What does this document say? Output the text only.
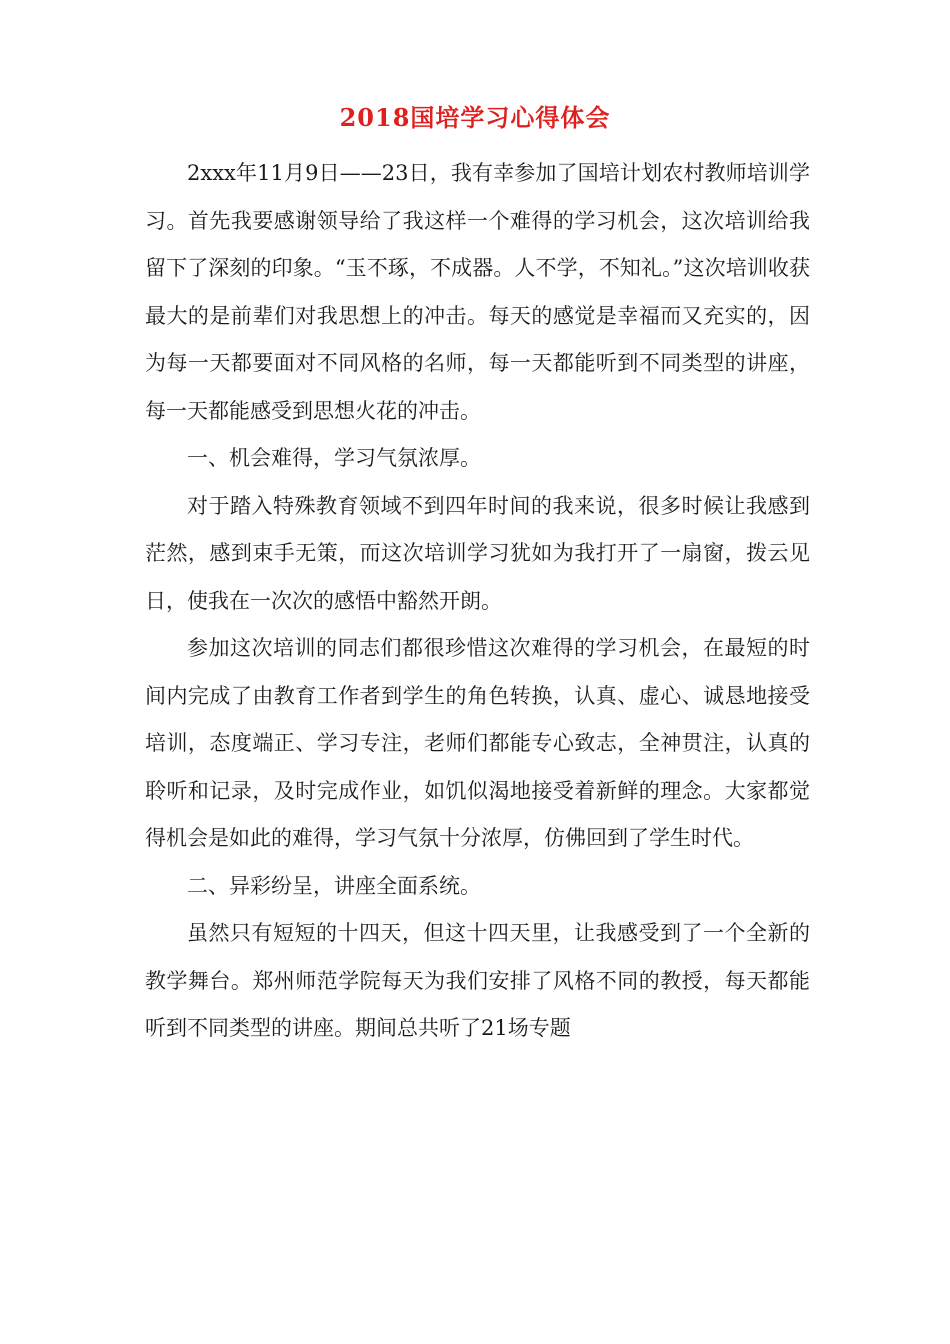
2018国培学习心得体会

2xxx年11月9日——23日，我有幸参加了国培计划农村教师培训学习。首先我要感谢领导给了我这样一个难得的学习机会，这次培训给我留下了深刻的印象。“玉不琢，不成器。人不学，不知礼。”这次培训收获最大的是前辈们对我思想上的冲击。每天的感觉是幸福而又充实的，因为每一天都要面对不同风格的名师，每一天都能听到不同类型的讲座，每一天都能感受到思想火花的冲击。

一、机会难得，学习气氛浓厚。

对于踏入特殊教育领域不到四年时间的我来说，很多时候让我感到茫然，感到束手无策，而这次培训学习犹如为我打开了一扇窗，拨云见日，使我在一次次的感悟中豁然开朗。

参加这次培训的同志们都很珍惜这次难得的学习机会，在最短的时间内完成了由教育工作者到学生的角色转换，认真、虚心、诚恳地接受培训，态度端正、学习专注，老师们都能专心致志，全神贯注，认真的聆听和记录，及时完成作业，如饥似渴地接受着新鲜的理念。大家都觉得机会是如此的难得，学习气氛十分浓厚，仿佛回到了学生时代。

二、异彩纷呈，讲座全面系统。

虽然只有短短的十四天，但这十四天里，让我感受到了一个全新的教学舞台。郑州师范学院每天为我们安排了风格不同的教授，每天都能听到不同类型的讲座。期间总共听了21场专题
